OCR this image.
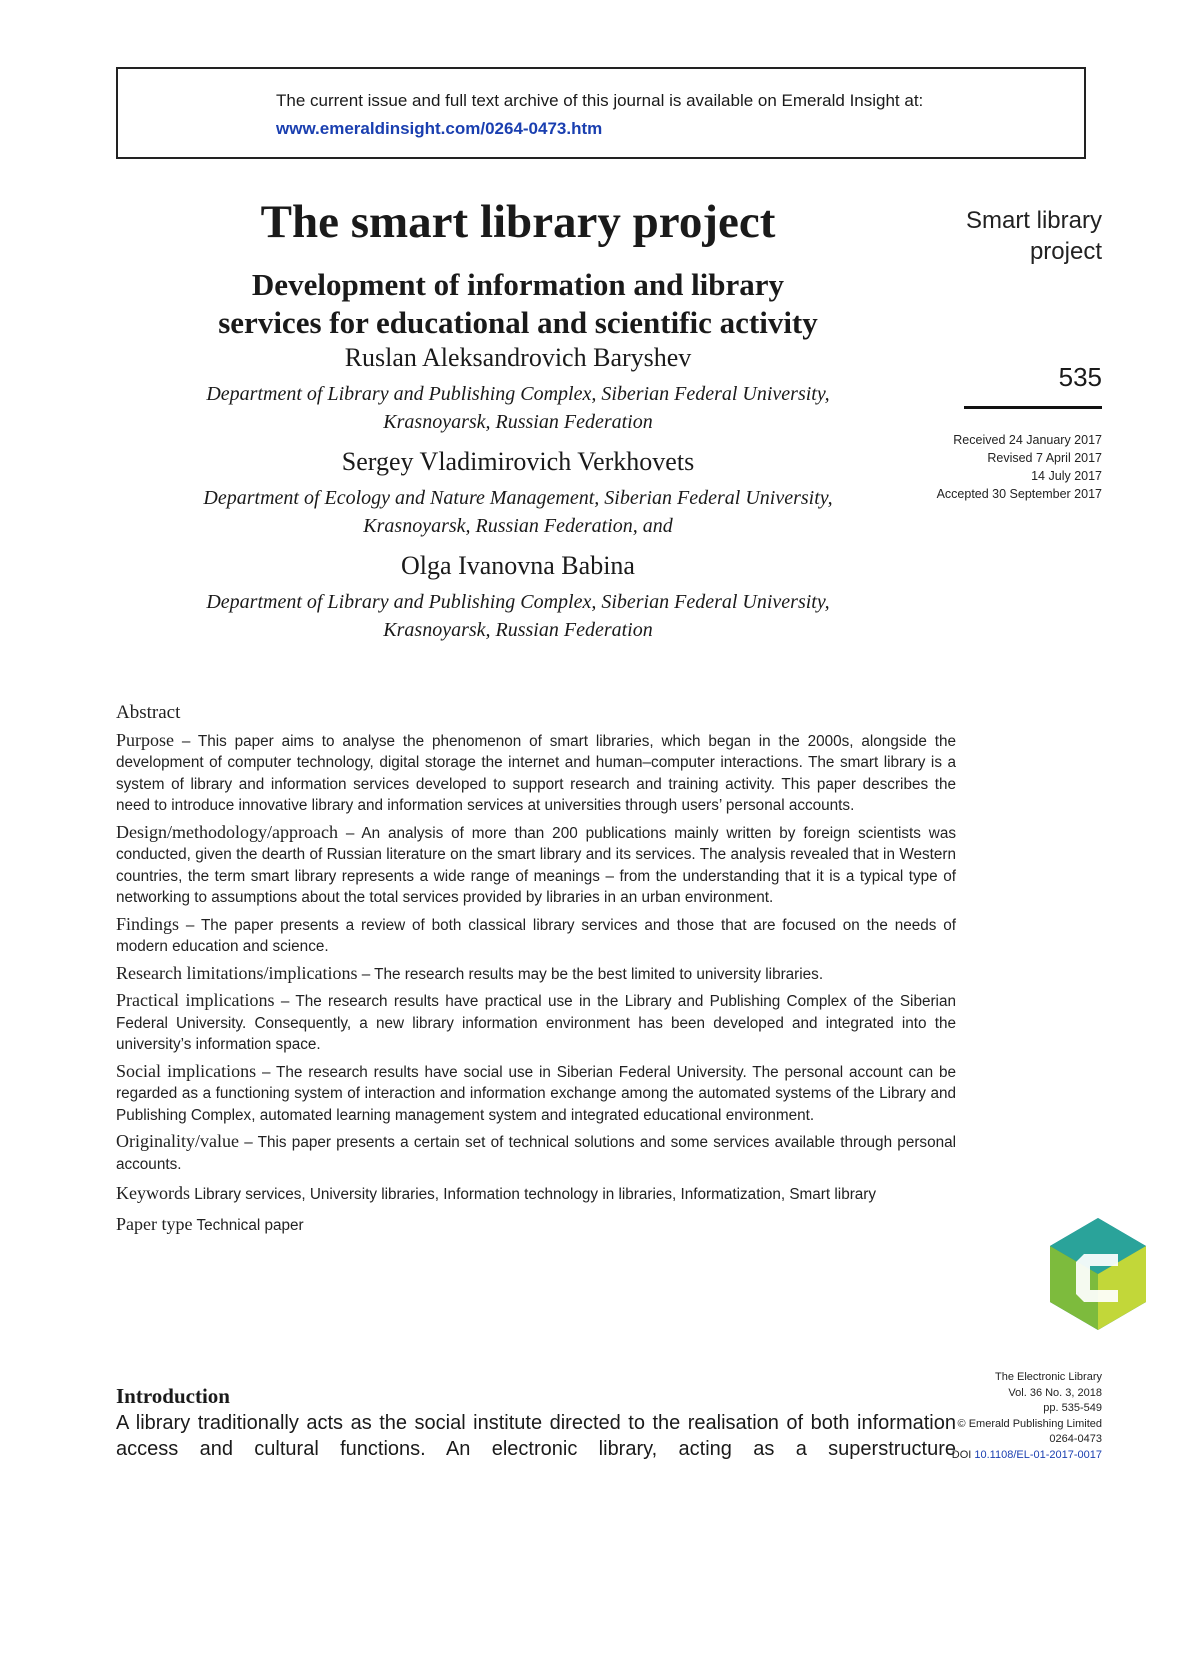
The current issue and full text archive of this journal is available on Emerald Insight at:
www.emeraldinsight.com/0264-0473.htm
The smart library project
Development of information and library
services for educational and scientific activity
Ruslan Aleksandrovich Baryshev
Department of Library and Publishing Complex, Siberian Federal University,
Krasnoyarsk, Russian Federation
Sergey Vladimirovich Verkhovets
Department of Ecology and Nature Management, Siberian Federal University,
Krasnoyarsk, Russian Federation, and
Olga Ivanovna Babina
Department of Library and Publishing Complex, Siberian Federal University,
Krasnoyarsk, Russian Federation
Smart library
project
535
Received 24 January 2017
Revised 7 April 2017
14 July 2017
Accepted 30 September 2017
Abstract

Purpose – This paper aims to analyse the phenomenon of smart libraries, which began in the 2000s, alongside the development of computer technology, digital storage the internet and human–computer interactions. The smart library is a system of library and information services developed to support research and training activity. This paper describes the need to introduce innovative library and information services at universities through users’ personal accounts.

Design/methodology/approach – An analysis of more than 200 publications mainly written by foreign scientists was conducted, given the dearth of Russian literature on the smart library and its services. The analysis revealed that in Western countries, the term smart library represents a wide range of meanings – from the understanding that it is a typical type of networking to assumptions about the total services provided by libraries in an urban environment.

Findings – The paper presents a review of both classical library services and those that are focused on the needs of modern education and science.

Research limitations/implications – The research results may be the best limited to university libraries.

Practical implications – The research results have practical use in the Library and Publishing Complex of the Siberian Federal University. Consequently, a new library information environment has been developed and integrated into the university’s information space.

Social implications – The research results have social use in Siberian Federal University. The personal account can be regarded as a functioning system of interaction and information exchange among the automated systems of the Library and Publishing Complex, automated learning management system and integrated educational environment.

Originality/value – This paper presents a certain set of technical solutions and some services available through personal accounts.

Keywords Library services, University libraries, Information technology in libraries, Informatization, Smart library

Paper type Technical paper

Introduction
A library traditionally acts as the social institute directed to the realisation of both information access and cultural functions. An electronic library, acting as a superstructure
The Electronic Library
Vol. 36 No. 3, 2018
pp. 535-549
© Emerald Publishing Limited
0264-0473
DOI 10.1108/EL-01-2017-0017
